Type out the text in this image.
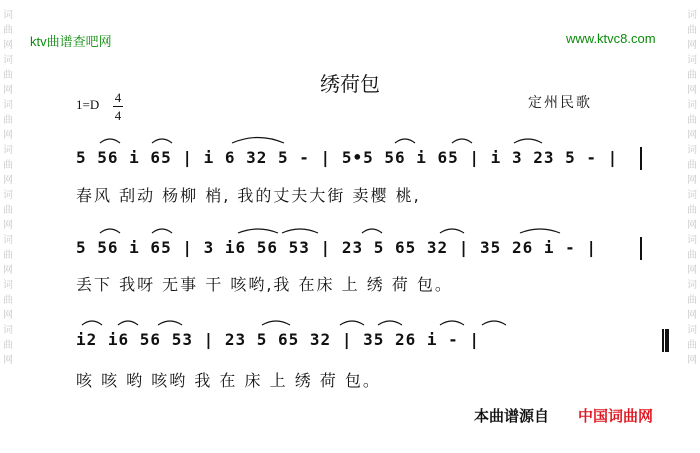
词曲网词曲网词曲网词曲网词曲网词曲网词曲网词曲网
词曲网词曲网词曲网词曲网词曲网词曲网词曲网词曲网
ktv曲谱查吧网	www.ktvc8.com
绣荷包
定州民歌
1=D 4
4
5 56 i 65 | i 6 32 5 - | 5•5 56 i 65 | i 3 23 5 - |
春风 刮动 杨柳 梢, 我的丈夫大街 卖樱 桃,
5 56 i 65 | 3 i6 56 53 | 23 5 65 32 | 35 26 i - |
丢下 我呀 无事 干 咳哟,我 在床 上 绣 荷 包。
i2 i6 56 53 | 23 5 65 32 | 35 26 i - |
咳 咳 哟 咳哟 我 在 床 上 绣 荷 包。
本曲谱源自 中国词曲网
